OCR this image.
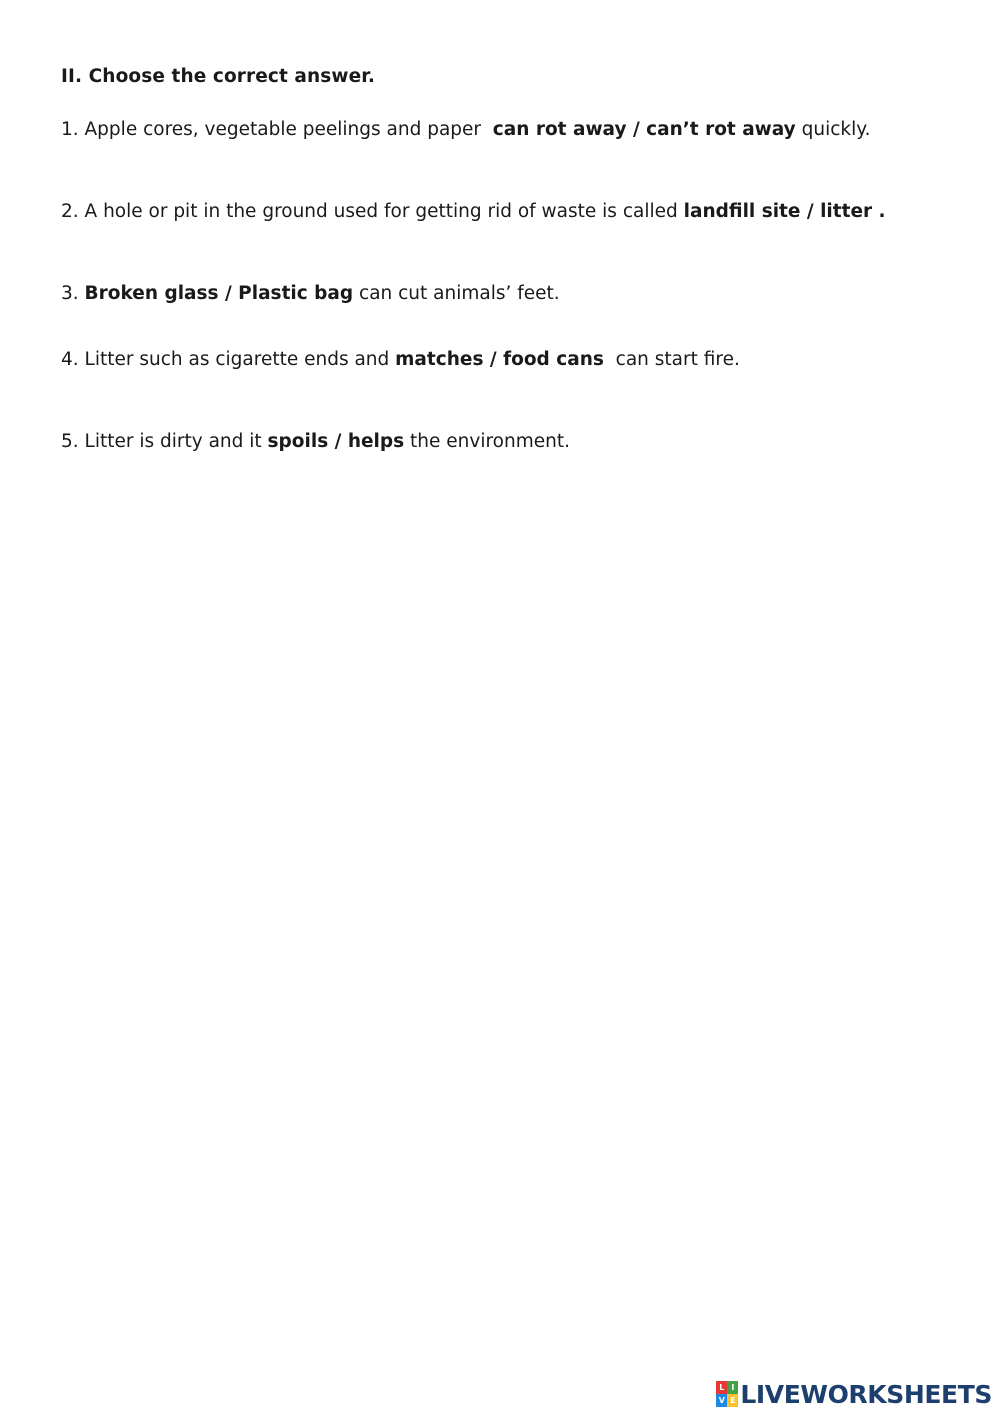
II. Choose the correct answer.

1. Apple cores, vegetable peelings and paper  can rot away / can’t rot away quickly.

2. A hole or pit in the ground used for getting rid of waste is called landfill site / litter .

3. Broken glass / Plastic bag can cut animals’ feet.

4. Litter such as cigarette ends and matches / food cans  can start fire.

5. Litter is dirty and it spoils / helps the environment.

L I
V E LIVEWORKSHEETS
